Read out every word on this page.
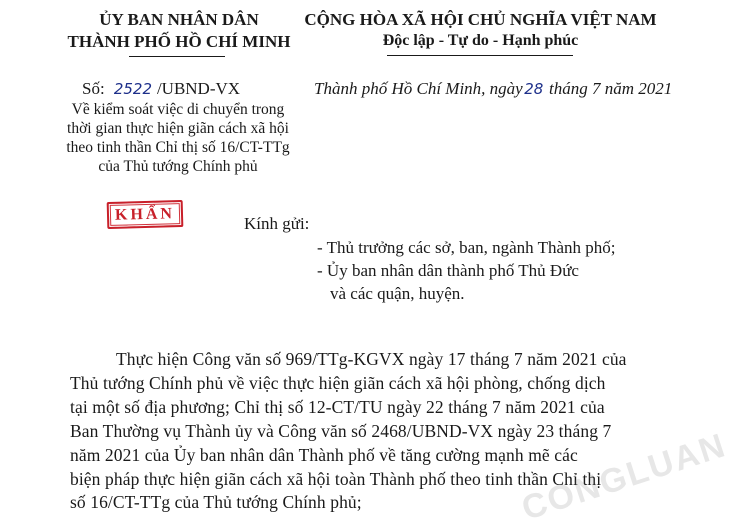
ỦY BAN NHÂN DÂN
THÀNH PHỐ HỒ CHÍ MINH
CỘNG HÒA XÃ HỘI CHỦ NGHĨA VIỆT NAM
Độc lập - Tự do - Hạnh phúc
Số: 2522 /UBND-VX	Thành phố Hồ Chí Minh, ngày28 tháng 7 năm 2021
Về kiểm soát việc di chuyển trong
thời gian thực hiện giãn cách xã hội
theo tinh thần Chỉ thị số 16/CT-TTg
của Thủ tướng Chính phủ
KHẨN	Kính gửi:
- Thủ trưởng các sở, ban, ngành Thành phố;
- Ủy ban nhân dân thành phố Thủ Đức
và các quận, huyện.
Thực hiện Công văn số 969/TTg-KGVX ngày 17 tháng 7 năm 2021 của
Thủ tướng Chính phủ về việc thực hiện giãn cách xã hội phòng, chống dịch
tại một số địa phương; Chỉ thị số 12-CT/TU ngày 22 tháng 7 năm 2021 của
Ban Thường vụ Thành ủy và Công văn số 2468/UBND-VX ngày 23 tháng 7
năm 2021 của Ủy ban nhân dân Thành phố về tăng cường mạnh mẽ các
biện pháp thực hiện giãn cách xã hội toàn Thành phố theo tinh thần Chỉ thị
số 16/CT-TTg của Thủ tướng Chính phủ;	CONGLUAN
